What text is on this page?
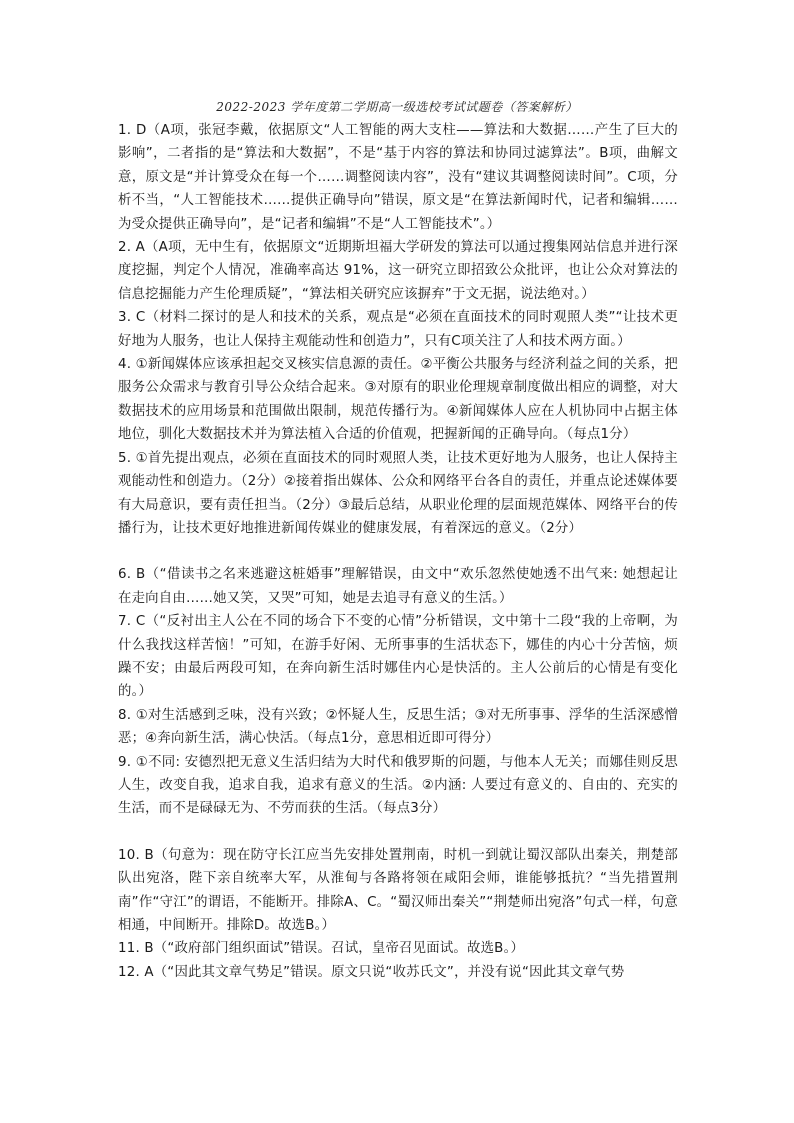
2022-2023 学年度第二学期高一级选校考试试题卷（答案解析）

1. D（A项，张冠李戴，依据原文“人工智能的两大支柱——算法和大数据……产生了巨大的影响”，二者指的是“算法和大数据”，不是“基于内容的算法和协同过滤算法”。B项，曲解文意，原文是“并计算受众在每一个……调整阅读内容”，没有“建议其调整阅读时间”。C项，分析不当，“人工智能技术……提供正确导向”错误，原文是“在算法新闻时代，记者和编辑……为受众提供正确导向”，是“记者和编辑”不是“人工智能技术”。）

2. A（A项，无中生有，依据原文“近期斯坦福大学研发的算法可以通过搜集网站信息并进行深度挖掘，判定个人情况，准确率高达 91%，这一研究立即招致公众批评，也让公众对算法的信息挖掘能力产生伦理质疑”，“算法相关研究应该摒弃”于文无据，说法绝对。）

3. C（材料二探讨的是人和技术的关系，观点是“必须在直面技术的同时观照人类”“让技术更好地为人服务，也让人保持主观能动性和创造力”，只有C项关注了人和技术两方面。）

4. ①新闻媒体应该承担起交叉核实信息源的责任。②平衡公共服务与经济利益之间的关系，把服务公众需求与教育引导公众结合起来。③对原有的职业伦理规章制度做出相应的调整，对大数据技术的应用场景和范围做出限制，规范传播行为。④新闻媒体人应在人机协同中占据主体地位，驯化大数据技术并为算法植入合适的价值观，把握新闻的正确导向。（每点1分）

5. ①首先提出观点，必须在直面技术的同时观照人类，让技术更好地为人服务，也让人保持主观能动性和创造力。（2分）②接着指出媒体、公众和网络平台各自的责任，并重点论述媒体要有大局意识，要有责任担当。（2分）③最后总结，从职业伦理的层面规范媒体、网络平台的传播行为，让技术更好地推进新闻传媒业的健康发展，有着深远的意义。（2分）

6. B（“借读书之名来逃避这桩婚事”理解错误，由文中“欢乐忽然使她透不出气来: 她想起让在走向自由……她又笑，又哭”可知，她是去追寻有意义的生活。）

7. C（“反衬出主人公在不同的场合下不变的心情”分析错误，文中第十二段“我的上帝啊，为什么我找这样苦恼！”可知，在游手好闲、无所事事的生活状态下，娜佳的内心十分苦恼，烦躁不安；由最后两段可知，在奔向新生活时娜佳内心是快活的。主人公前后的心情是有变化的。）

8. ①对生活感到乏味，没有兴致；②怀疑人生，反思生活；③对无所事事、浮华的生活深感憎恶；④奔向新生活，满心快活。（每点1分，意思相近即可得分）

9. ①不同: 安德烈把无意义生活归结为大时代和俄罗斯的问题，与他本人无关；而娜佳则反思人生，改变自我，追求自我，追求有意义的生活。②内涵: 人要过有意义的、自由的、充实的生活，而不是碌碌无为、不劳而获的生活。（每点3分）

10. B（句意为：现在防守长江应当先安排处置荆南，时机一到就让蜀汉部队出秦关，荆楚部队出宛洛，陛下亲自统率大军，从淮甸与各路将领在咸阳会师，谁能够抵抗？“当先措置荆南”作“守江”的谓语，不能断开。排除A、C。“蜀汉师出秦关”“荆楚师出宛洛”句式一样，句意相通，中间断开。排除D。故选B。）

11. B（“政府部门组织面试”错误。召试，皇帝召见面试。故选B。）

12. A（“因此其文章气势足”错误。原文只说“收苏氏文”，并没有说“因此其文章气势
